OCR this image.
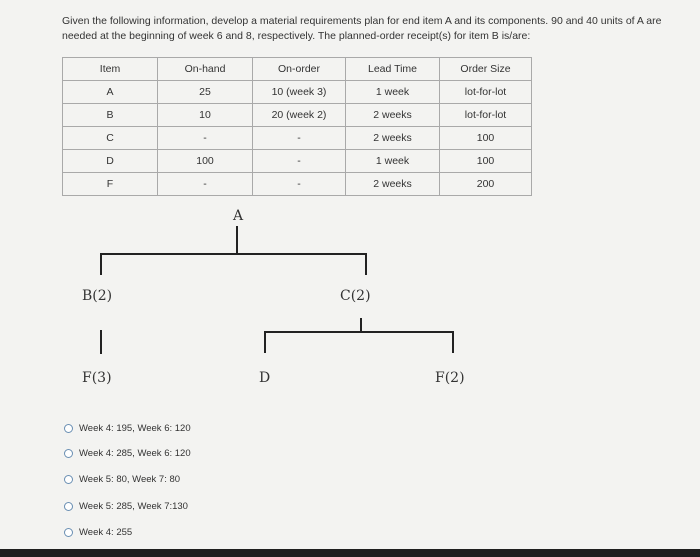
Given the following information, develop a material requirements plan for end item A and its components. 90 and 40 units of A are needed at the beginning of week 6 and 8, respectively. The planned-order receipt(s) for item B is/are:
Item	On-hand	On-order	Lead Time	Order Size
A	25	10 (week 3)	1 week	lot-for-lot
B	10	20 (week 2)	2 weeks	lot-for-lot
C	-	-	2 weeks	100
D	100	-	1 week	100
F	-	-	2 weeks	200
A
B(2)	C(2)
F(3)	D	F(2)
Week 4: 195, Week 6: 120
Week 4: 285, Week 6: 120
Week 5: 80, Week 7: 80
Week 5: 285, Week 7:130
Week 4: 255
